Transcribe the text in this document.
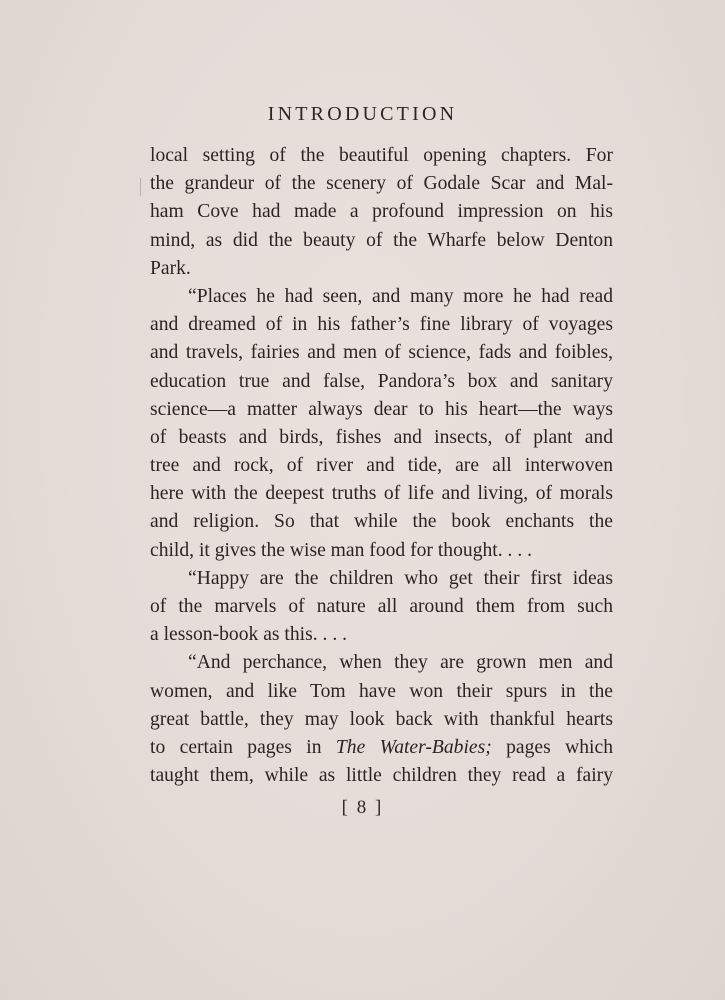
INTRODUCTION
local setting of the beautiful opening chapters. For
the grandeur of the scenery of Godale Scar and Mal-
ham Cove had made a profound impression on his
mind, as did the beauty of the Wharfe below Denton
Park.
“Places he had seen, and many more he had read
and dreamed of in his father’s fine library of voyages
and travels, fairies and men of science, fads and foibles,
education true and false, Pandora’s box and sanitary
science—a matter always dear to his heart—the ways
of beasts and birds, fishes and insects, of plant and
tree and rock, of river and tide, are all interwoven
here with the deepest truths of life and living, of morals
and religion. So that while the book enchants the
child, it gives the wise man food for thought. . . .
“Happy are the children who get their first ideas
of the marvels of nature all around them from such
a lesson-book as this. . . .
“And perchance, when they are grown men and
women, and like Tom have won their spurs in the
great battle, they may look back with thankful hearts
to certain pages in The Water-Babies; pages which
taught them, while as little children they read a fairy
[ 8 ]
